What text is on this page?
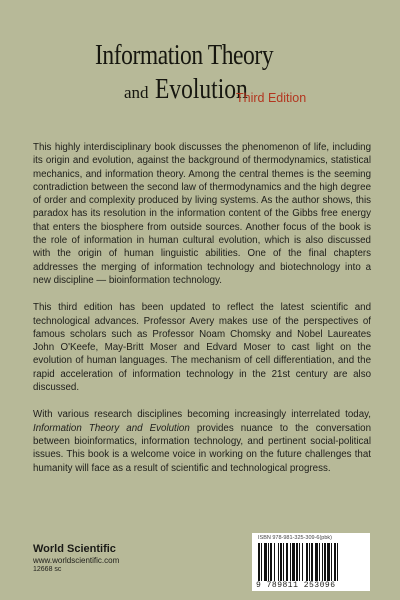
Information Theory
and Evolution
Third Edition

This highly interdisciplinary book discusses the phenomenon of life, including its origin and evolution, against the background of thermodynamics, statistical mechanics, and information theory. Among the central themes is the seeming contradiction between the second law of thermodynamics and the high degree of order and complexity produced by living systems. As the author shows, this paradox has its resolution in the information content of the Gibbs free energy that enters the biosphere from outside sources. Another focus of the book is the role of information in human cultural evolution, which is also discussed with the origin of human linguistic abilities. One of the final chapters addresses the merging of information technology and biotechnology into a new discipline — bioinformation technology.

This third edition has been updated to reflect the latest scientific and technological advances. Professor Avery makes use of the perspectives of famous scholars such as Professor Noam Chomsky and Nobel Laureates John O'Keefe, May-Britt Moser and Edvard Moser to cast light on the evolution of human languages. The mechanism of cell differentiation, and the rapid acceleration of information technology in the 21st century are also discussed.

With various research disciplines becoming increasingly interrelated today, Information Theory and Evolution provides nuance to the conversation between bioinformatics, information technology, and pertinent social-political issues. This book is a welcome voice in working on the future challenges that humanity will face as a result of scientific and technological progress.

World Scientific
www.worldscientific.com
12668 sc
ISBN 978-981-325-309-6(pbk)
9 789811 253096
